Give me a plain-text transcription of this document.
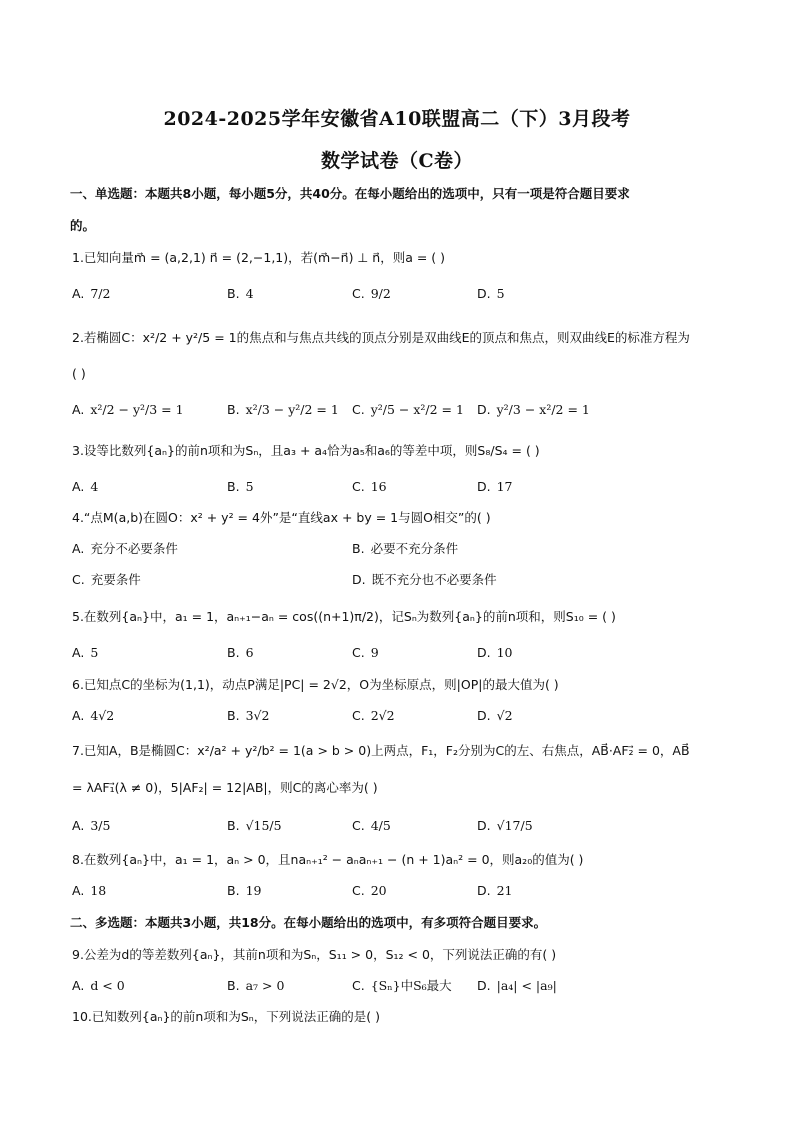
2024-2025学年安徽省A10联盟高二（下）3月段考
数学试卷（C卷）
一、单选题：本题共8小题，每小题5分，共40分。在每小题给出的选项中，只有一项是符合题目要求
的。
1.已知向量m⃗ = (a,2,1) n⃗ = (2,−1,1)，若(m⃗−n⃗) ⊥ n⃗，则a = ( )
A. 7/2	B. 4	C. 9/2	D. 5
2.若椭圆C：x²/2 + y²/5 = 1的焦点和与焦点共线的顶点分别是双曲线E的顶点和焦点，则双曲线E的标准方程为
( )
A. x²/2 − y²/3 = 1	B. x²/3 − y²/2 = 1 C. y²/5 − x²/2 = 1 D. y²/3 − x²/2 = 1
3.设等比数列{aₙ}的前n项和为Sₙ，且a₃ + a₄恰为a₅和a₆的等差中项，则S₈/S₄ = ( )
A. 4	B. 5	C. 16	D. 17
4.“点M(a,b)在圆O：x² + y² = 4外”是“直线ax + by = 1与圆O相交”的( )
A. 充分不必要条件	B. 必要不充分条件
C. 充要条件	D. 既不充分也不必要条件
5.在数列{aₙ}中，a₁ = 1，aₙ₊₁−aₙ = cos((n+1)π/2)，记Sₙ为数列{aₙ}的前n项和，则S₁₀ = ( )
A. 5	B. 6	C. 9	D. 10
6.已知点C的坐标为(1,1)，动点P满足|PC| = 2√2，O为坐标原点，则|OP|的最大值为( )
A. 4√2	B. 3√2	C. 2√2	D. √2
7.已知A，B是椭圆C：x²/a² + y²/b² = 1(a > b > 0)上两点，F₁，F₂分别为C的左、右焦点，AB⃗·AF₂⃗ = 0，AB⃗
= λAF₁⃗(λ ≠ 0)，5|AF₂| = 12|AB|，则C的离心率为( )
A. 3/5	B. √15/5	C. 4/5	D. √17/5
8.在数列{aₙ}中，a₁ = 1，aₙ > 0，且naₙ₊₁² − aₙaₙ₊₁ − (n + 1)aₙ² = 0，则a₂₀的值为( )
A. 18	B. 19	C. 20	D. 21
二、多选题：本题共3小题，共18分。在每小题给出的选项中，有多项符合题目要求。
9.公差为d的等差数列{aₙ}，其前n项和为Sₙ，S₁₁ > 0，S₁₂ < 0，下列说法正确的有( )
A. d < 0	B. a₇ > 0	C. {Sₙ}中S₆最大 D. |a₄| < |a₉|
10.已知数列{aₙ}的前n项和为Sₙ，下列说法正确的是( )
